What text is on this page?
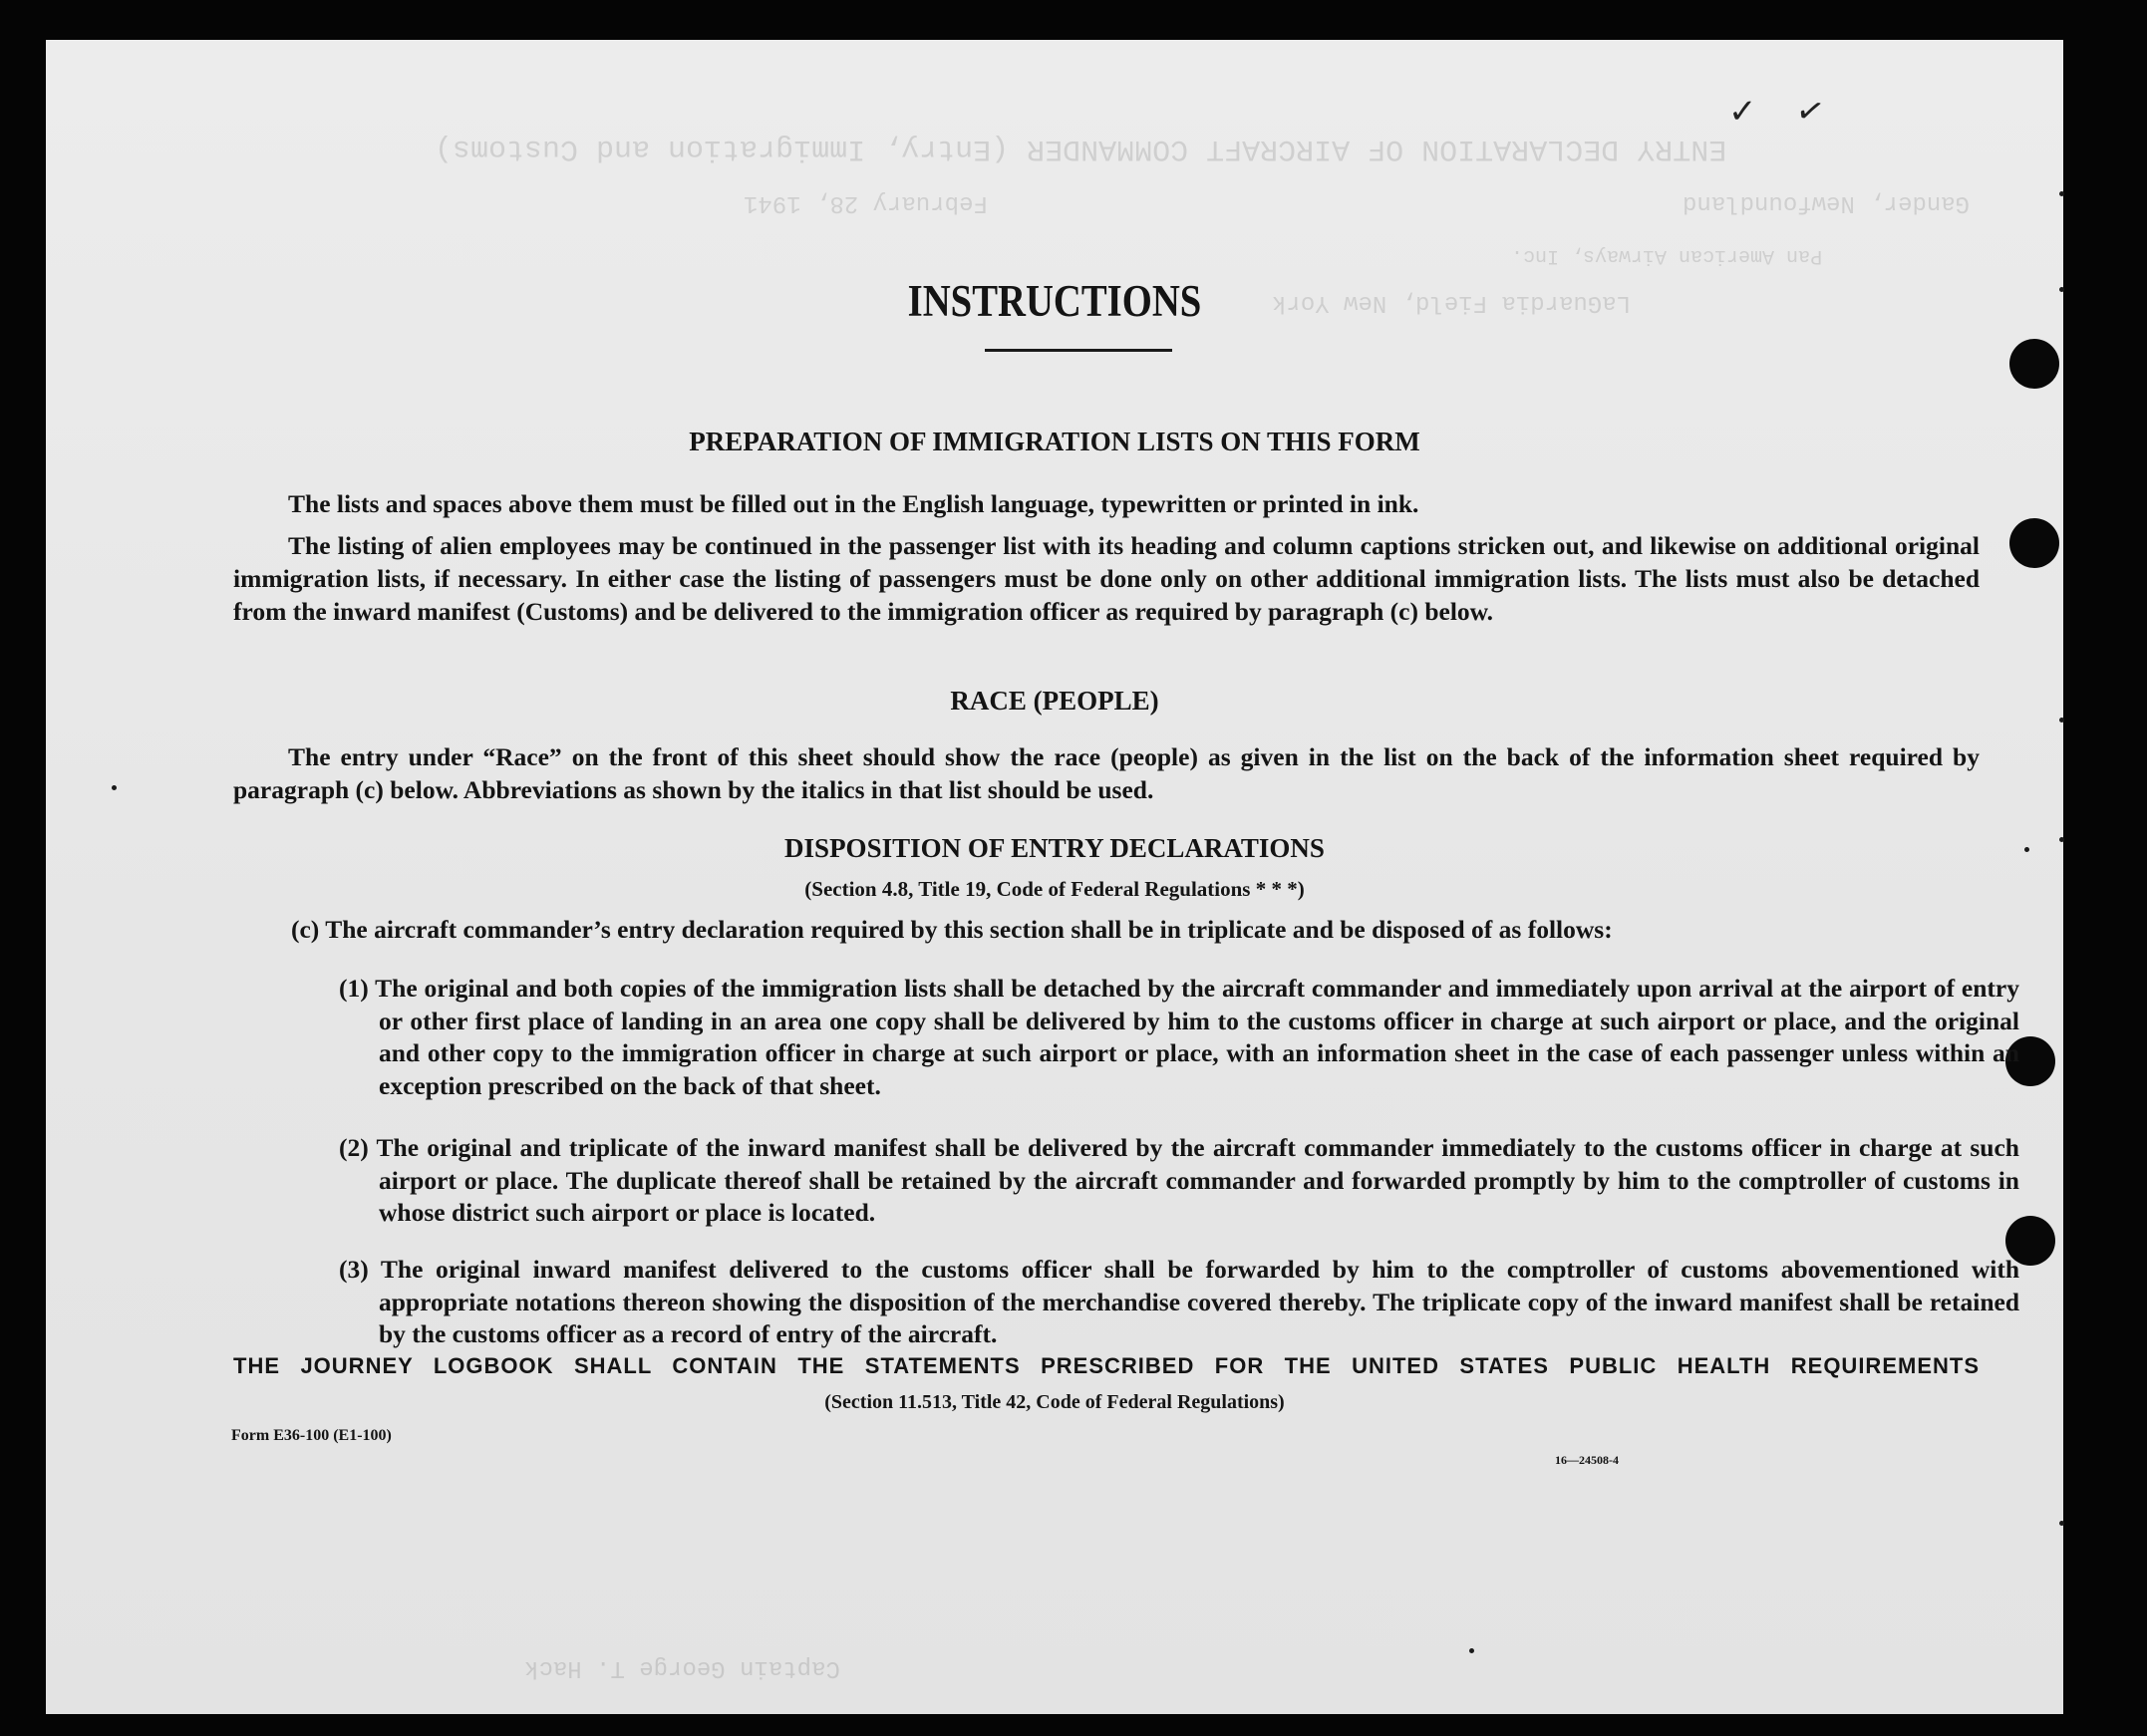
ENTRY DECLARATION OF AIRCRAFT COMMANDER (Entry, Immigration and Customs)
Gander, Newfoundland
February 28, 1941
LaGuardia Field, New York
Pan American Airways, Inc.
Captain George T. Hack
✓ ✓
INSTRUCTIONS
PREPARATION OF IMMIGRATION LISTS ON THIS FORM
The lists and spaces above them must be filled out in the English language, typewritten or printed in ink.
The listing of alien employees may be continued in the passenger list with its heading and column captions stricken out, and likewise on additional original immigration lists, if necessary. In either case the listing of passengers must be done only on other additional immigration lists. The lists must also be detached from the inward manifest (Customs) and be delivered to the immigration officer as required by paragraph (c) below.
RACE (PEOPLE)
The entry under “Race” on the front of this sheet should show the race (people) as given in the list on the back of the information sheet required by paragraph (c) below. Abbreviations as shown by the italics in that list should be used.
DISPOSITION OF ENTRY DECLARATIONS
(Section 4.8, Title 19, Code of Federal Regulations * * *)
(c) The aircraft commander’s entry declaration required by this section shall be in triplicate and be disposed of as follows:
(1) The original and both copies of the immigration lists shall be detached by the aircraft commander and immediately upon arrival at the airport of entry or other first place of landing in an area one copy shall be delivered by him to the customs officer in charge at such airport or place, and the original and other copy to the immigration officer in charge at such airport or place, with an information sheet in the case of each passenger unless within an exception prescribed on the back of that sheet.
(2) The original and triplicate of the inward manifest shall be delivered by the aircraft commander immediately to the customs officer in charge at such airport or place. The duplicate thereof shall be retained by the aircraft commander and forwarded promptly by him to the comptroller of customs in whose district such airport or place is located.
(3) The original inward manifest delivered to the customs officer shall be forwarded by him to the comptroller of customs abovementioned with appropriate notations thereon showing the disposition of the merchandise covered thereby. The triplicate copy of the inward manifest shall be retained by the customs officer as a record of entry of the aircraft.
THE JOURNEY LOGBOOK SHALL CONTAIN THE STATEMENTS PRESCRIBED FOR THE UNITED STATES PUBLIC HEALTH REQUIREMENTS
(Section 11.513, Title 42, Code of Federal Regulations)
Form E36-100 (E1-100)
16—24508-4
